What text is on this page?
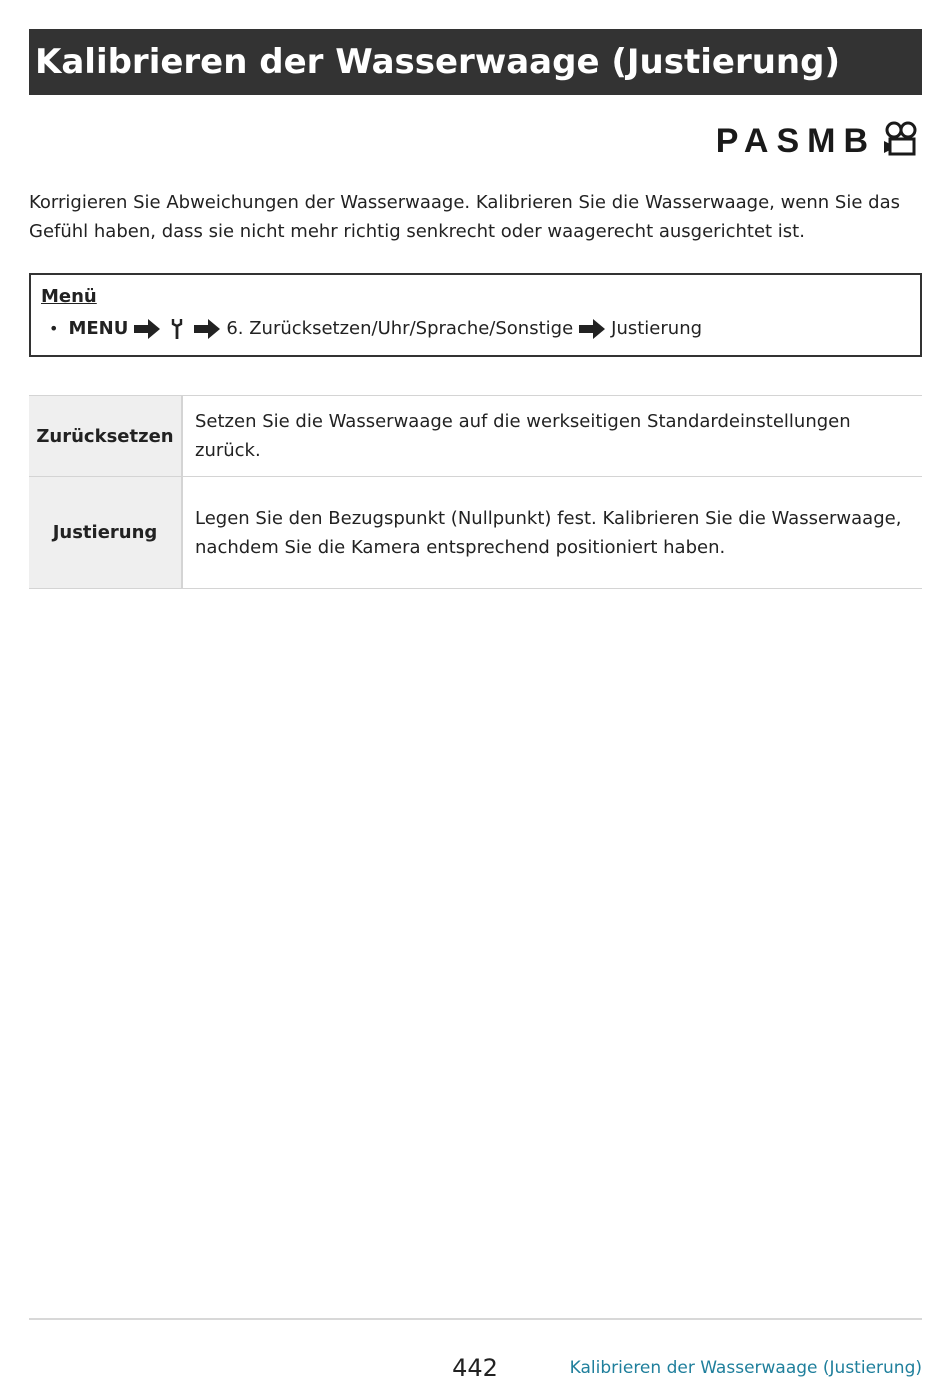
Kalibrieren der Wasserwaage (Justierung)
PASMB

Korrigieren Sie Abweichungen der Wasserwaage. Kalibrieren Sie die Wasserwaage, wenn Sie das Gefühl haben, dass sie nicht mehr richtig senkrecht oder waagerecht ausgerichtet ist.

Menü

• MENU	6. Zurücksetzen/Uhr/Sprache/Sonstige Justierung
Zurücksetzen	Setzen Sie die Wasserwaage auf die werkseitigen Standardeinstellungen zurück.
Justierung	Legen Sie den Bezugspunkt (Nullpunkt) fest. Kalibrieren Sie die Wasserwaage, nachdem Sie die Kamera entsprechend positioniert haben.
442	Kalibrieren der Wasserwaage (Justierung)
